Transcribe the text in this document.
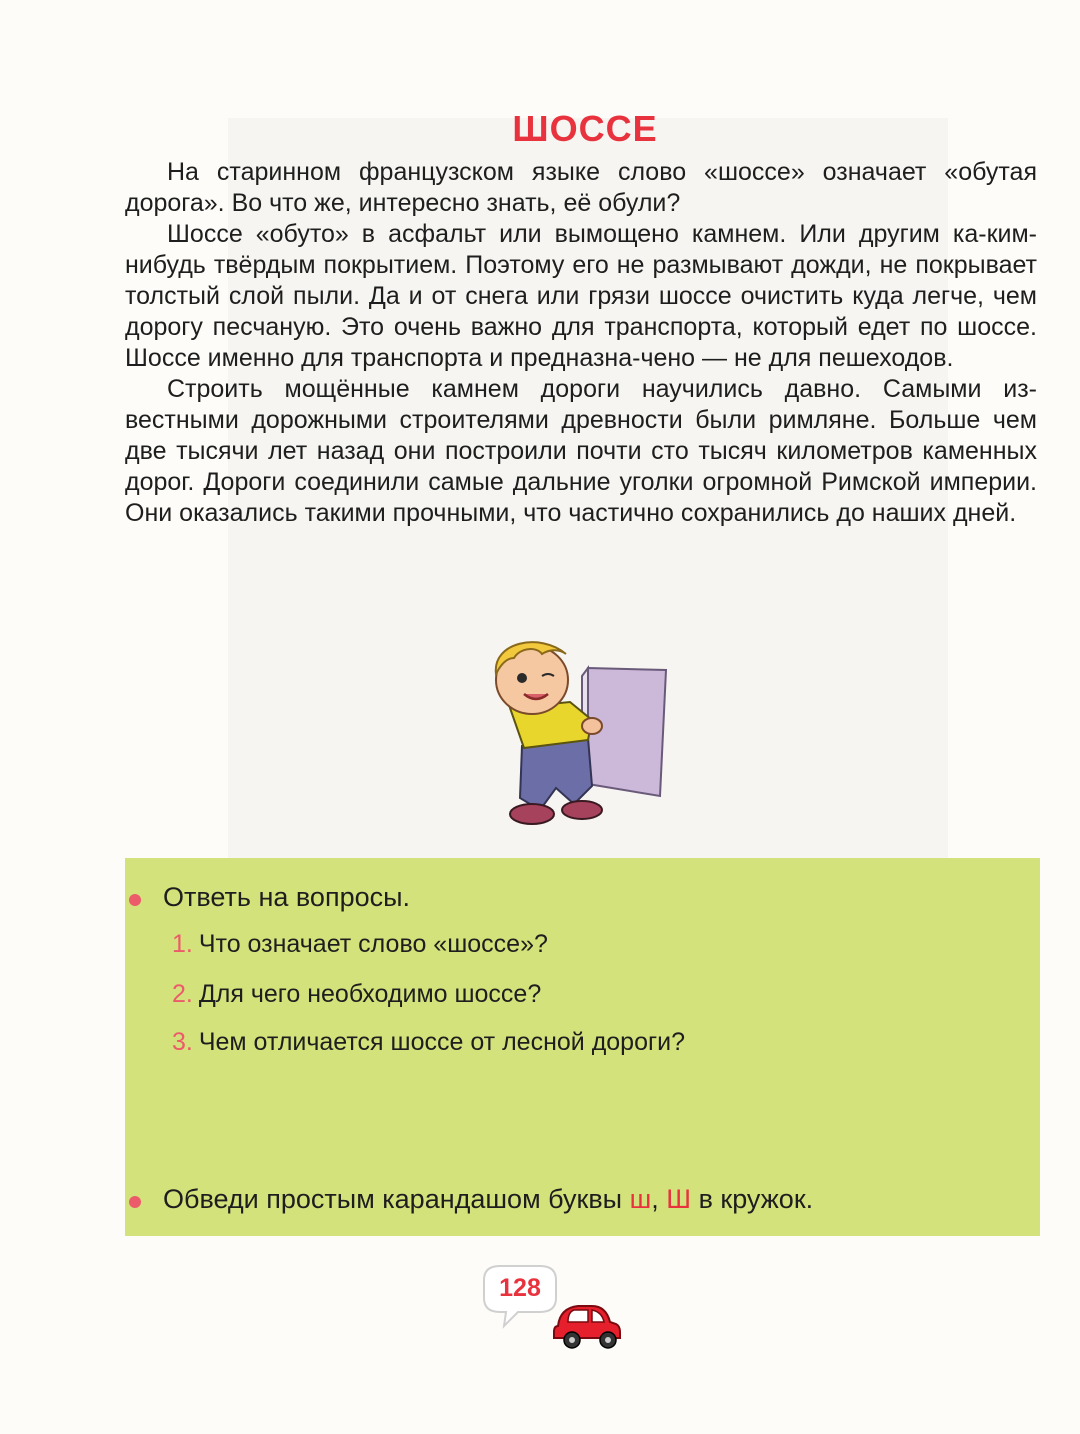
ШОССЕ

На старинном французском языке слово «шоссе» означает «обутая дорога». Во что же, интересно знать, её обули?

Шоссе «обуто» в асфальт или вымощено камнем. Или другим ка-ким-нибудь твёрдым покрытием. Поэтому его не размывают дожди, не покрывает толстый слой пыли. Да и от снега или грязи шоссе очистить куда легче, чем дорогу песчаную. Это очень важно для транспорта, который едет по шоссе. Шоссе именно для транспорта и предназна-чено — не для пешеходов.

Строить мощённые камнем дороги научились давно. Самыми из-вестными дорожными строителями древности были римляне. Больше чем две тысячи лет назад они построили почти сто тысяч километров каменных дорог. Дороги соединили самые дальние уголки огромной Римской империи. Они оказались такими прочными, что частично сохранились до наших дней.

Ответь на вопросы.
1. Что означает слово «шоссе»?
2. Для чего необходимо шоссе?
3. Чем отличается шоссе от лесной дороги?
Обведи простым карандашом буквы ш, Ш в кружок.
128
